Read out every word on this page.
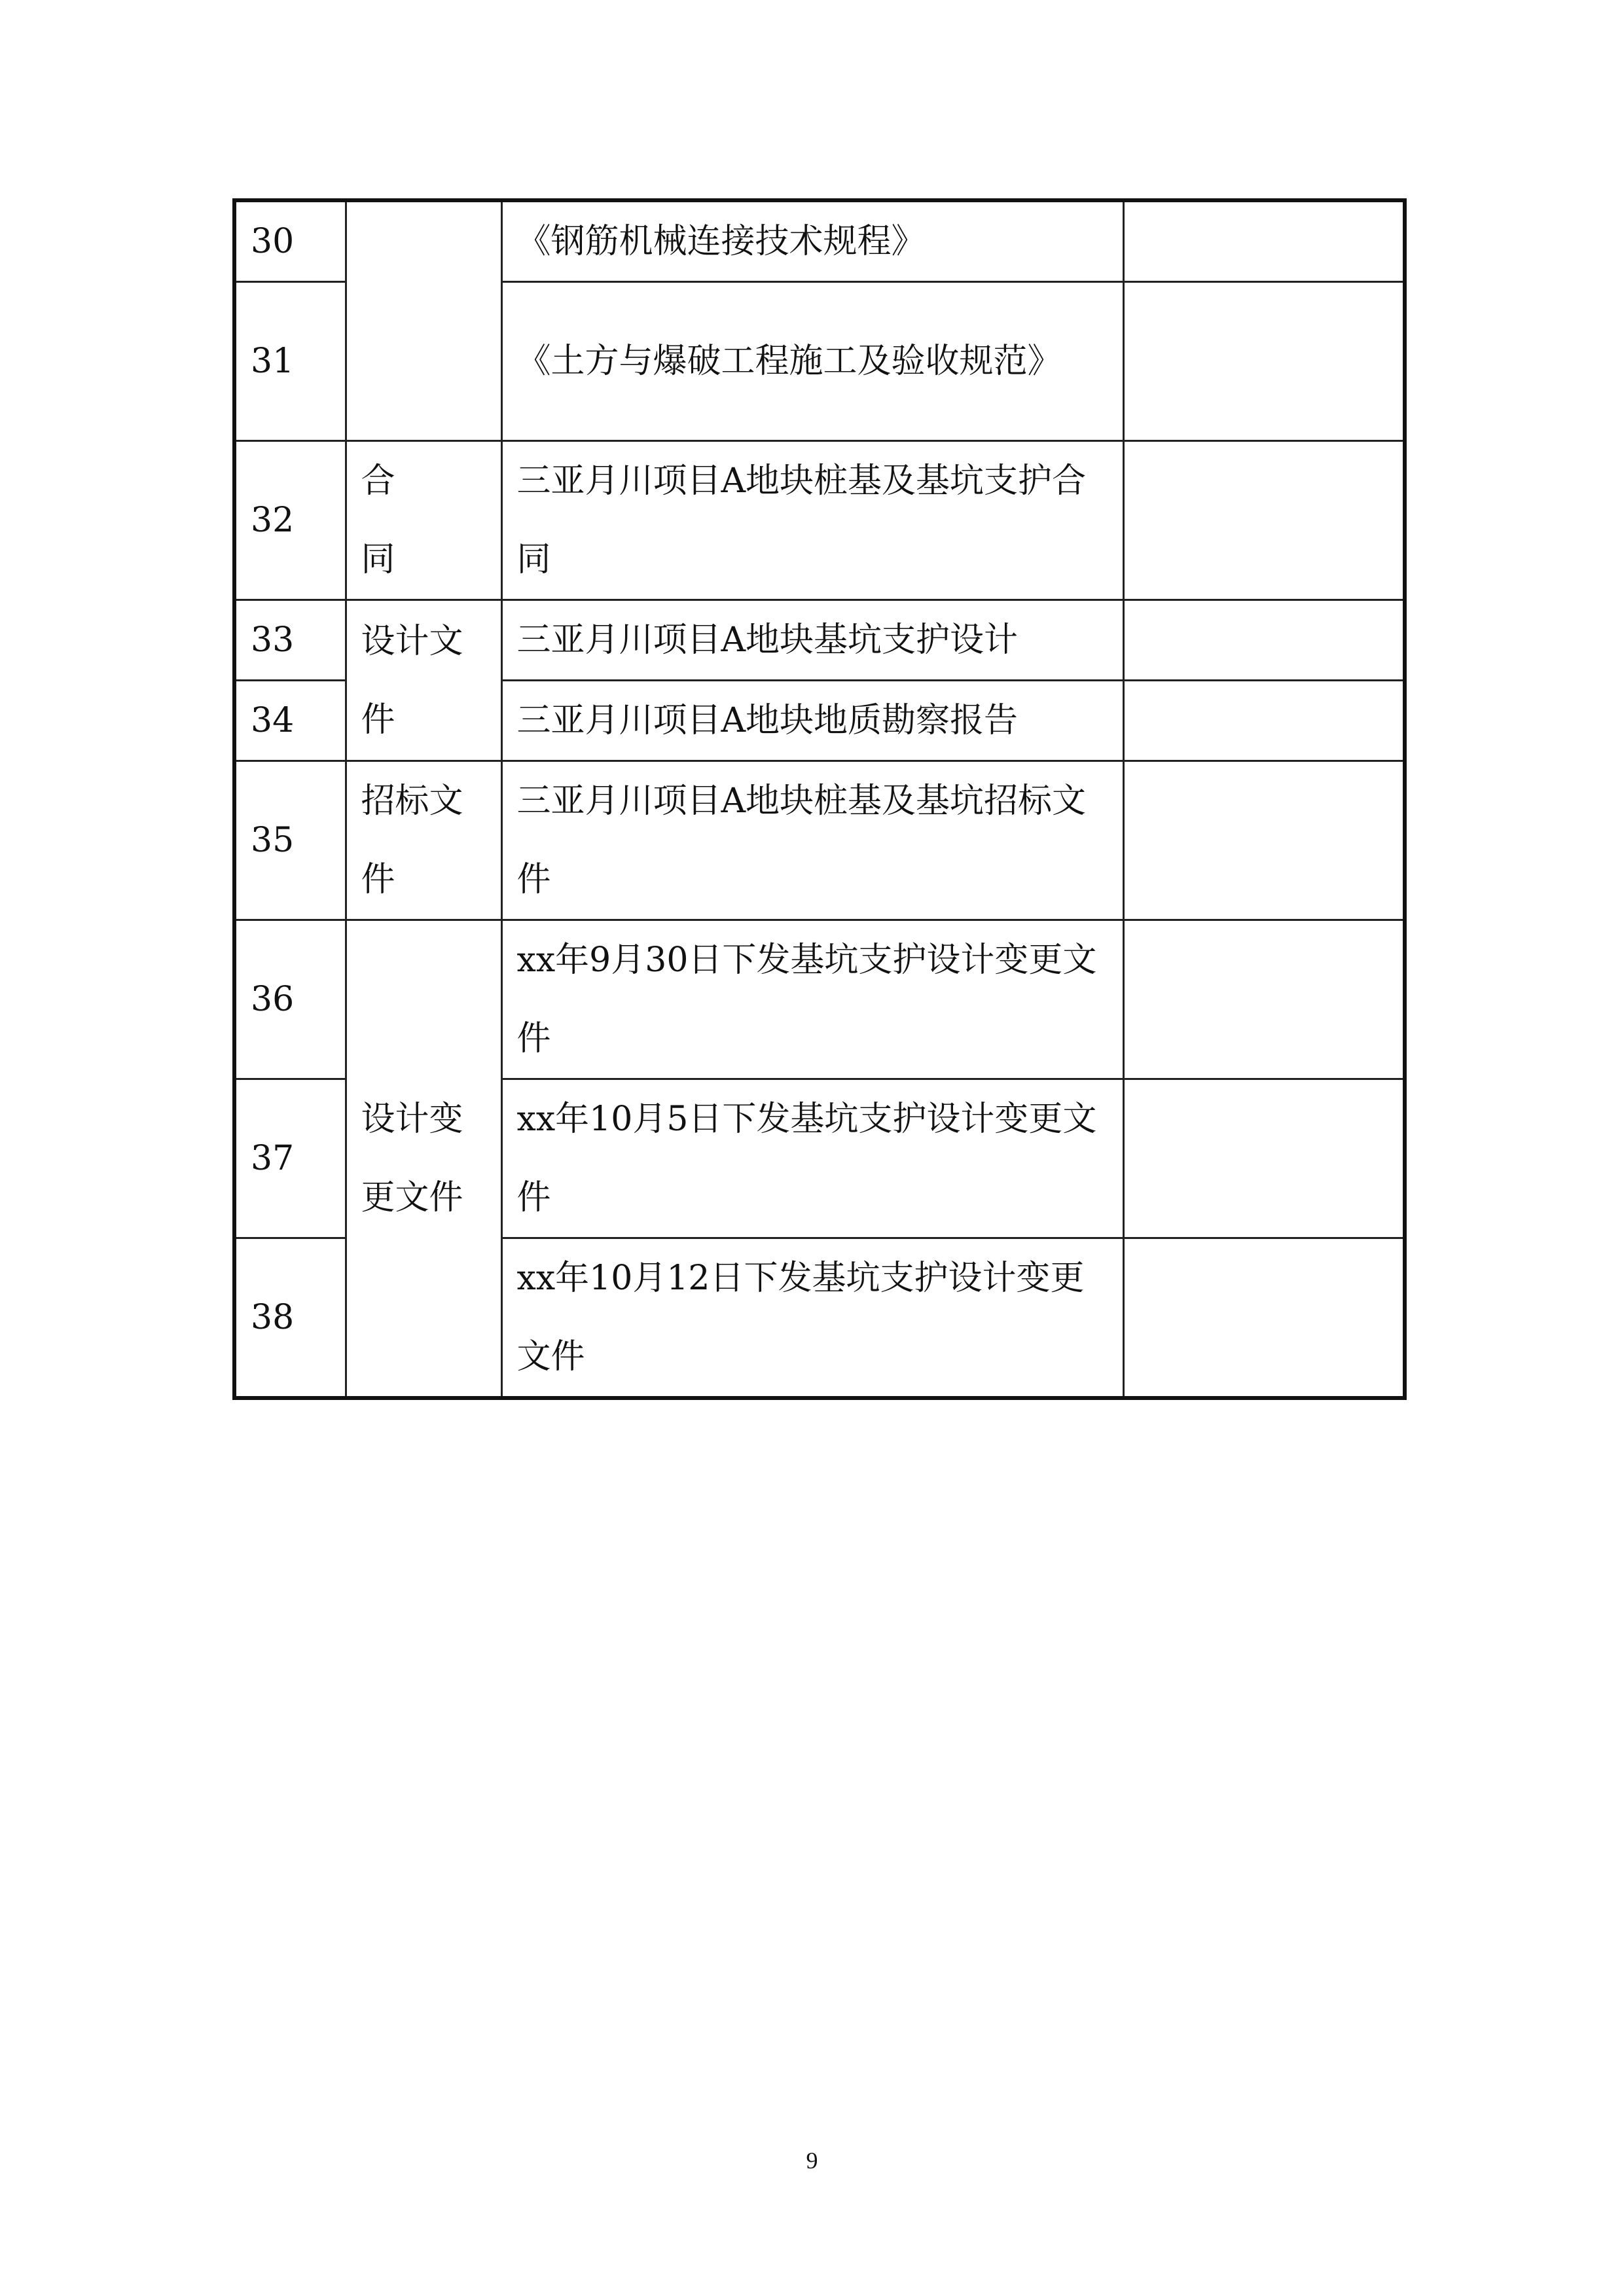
30		《钢筋机械连接技术规程》	
31		《土方与爆破工程施工及验收规范》	
32	合同	三亚月川项目A地块桩基及基坑支护合同	
33	设计文件	三亚月川项目A地块基坑支护设计	
34		三亚月川项目A地块地质勘察报告	
35	招标文件	三亚月川项目A地块桩基及基坑招标文件	
36	设计变更文件	xx年9月30日下发基坑支护设计变更文件	
37		xx年10月5日下发基坑支护设计变更文件	
38		xx年10月12日下发基坑支护设计变更文件	
9
